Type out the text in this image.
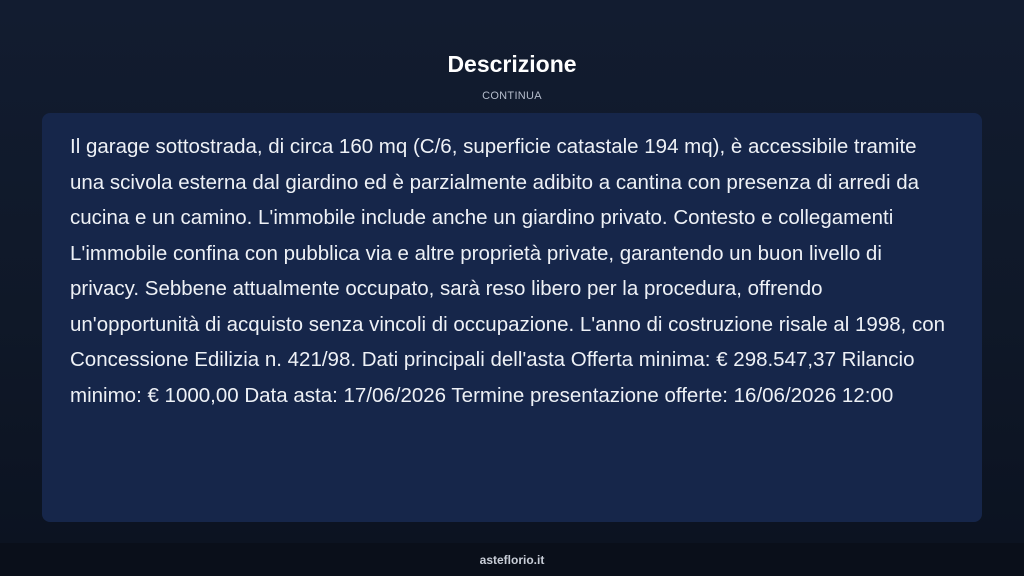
Descrizione
CONTINUA

Il garage sottostrada, di circa 160 mq (C/6, superficie catastale 194 mq), è accessibile tramite una scivola esterna dal giardino ed è parzialmente adibito a cantina con presenza di arredi da cucina e un camino. L'immobile include anche un giardino privato. Contesto e collegamenti L'immobile confina con pubblica via e altre proprietà private, garantendo un buon livello di privacy. Sebbene attualmente occupato, sarà reso libero per la procedura, offrendo un'opportunità di acquisto senza vincoli di occupazione. L'anno di costruzione risale al 1998, con Concessione Edilizia n. 421/98. Dati principali dell'asta Offerta minima: € 298.547,37 Rilancio minimo: € 1000,00 Data asta: 17/06/2026 Termine presentazione offerte: 16/06/2026 12:00

asteflorio.it
